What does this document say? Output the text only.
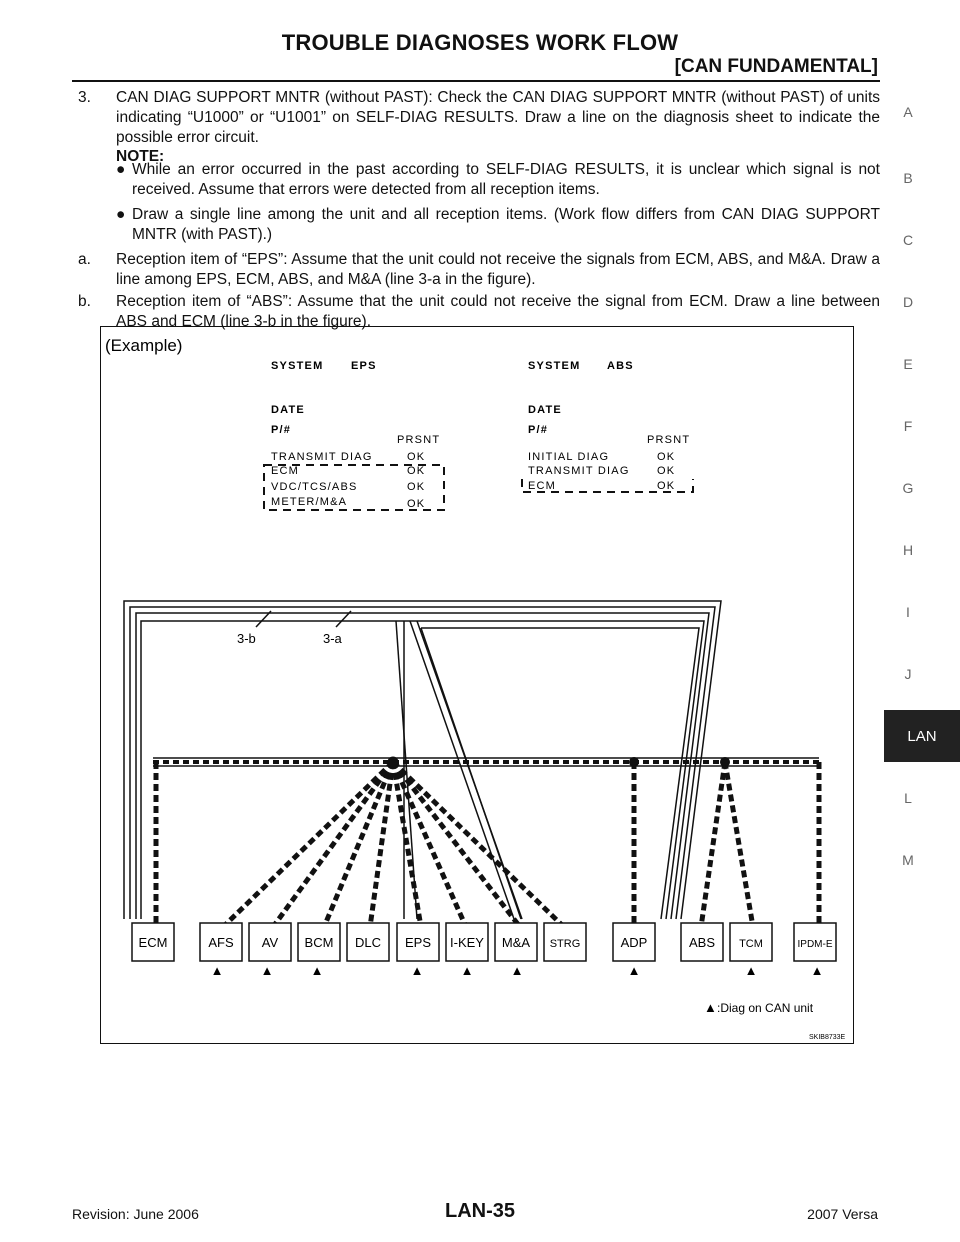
TROUBLE DIAGNOSES WORK FLOW
[CAN FUNDAMENTAL]
3. CAN DIAG SUPPORT MNTR (without PAST): Check the CAN DIAG SUPPORT MNTR (without PAST) of units indicating “U1000” or “U1001” on SELF-DIAG RESULTS. Draw a line on the diagnosis sheet to indicate the possible error circuit.
NOTE:
● While an error occurred in the past according to SELF-DIAG RESULTS, it is unclear which signal is not received. Assume that errors were detected from all reception items.
● Draw a single line among the unit and all reception items. (Work flow differs from CAN DIAG SUPPORT MNTR (with PAST).)
a. Reception item of “EPS”: Assume that the unit could not receive the signals from ECM, ABS, and M&A. Draw a line among EPS, ECM, ABS, and M&A (line 3-a in the figure).
b. Reception item of “ABS”: Assume that the unit could not receive the signal from ECM. Draw a line between ABS and ECM (line 3-b in the figure).
(Example)
SYSTEM	EPS
DATE
P/#
PRSNT
TRANSMIT DIAG	OK
ECM	OK
VDC/TCS/ABS	OK
METER/M&A	OK
SYSTEM ABS
DATE
P/#
PRSNT
INITIAL DIAG	OK
TRANSMIT DIAG OK
ECM	OK
3-b	3-a
ECM	AFS AV BCM DLC EPS I-KEY M&A STRG	ADP	ABS TCM	IPDM-E
▲	▲	▲	▲	▲	▲	▲	▲	▲
▲ :Diag on CAN unit
SKIB8733E
A
B
C
D
E
F
G
H
I
J
LAN
L
M
Revision: June 2006	LAN-35	2007 Versa
